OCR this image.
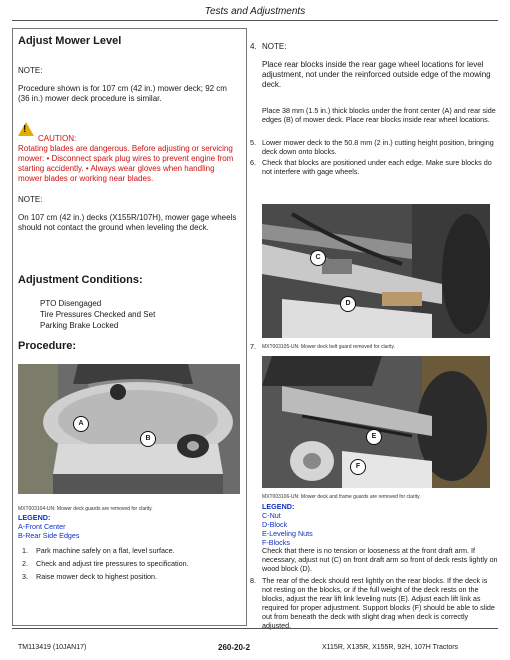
Tests and Adjustments
Adjust Mower Level
NOTE:
Procedure shown is for 107 cm (42 in.) mower deck; 92 cm (36 in.) mower deck procedure is similar.
!
CAUTION:
Rotating blades are dangerous. Before adjusting or servicing mower: • Disconnect spark plug wires to prevent engine from starting accidently. • Always wear gloves when handling mower blades or working near blades.
NOTE:
On 107 cm (42 in.) decks (X155R/107H), mower gage wheels should not contact the ground when leveling the deck.
Adjustment Conditions:
PTO Disengaged
Tire Pressures Checked and Set
Parking Brake Locked
Procedure:
A
B
MXT003104-UN: Mower deck guards are removed for clarity.
LEGEND:
A-Front Center
B-Rear Side Edges
1. Park machine safely on a flat, level surface.
2. Check and adjust tire pressures to specification.
3. Raise mower deck to highest position.
4. NOTE:
Place rear blocks inside the rear gage wheel locations for level adjustment, not under the reinforced outside edge of the mowing deck.
Place 38 mm (1.5 in.) thick blocks under the front center (A) and rear side edges (B) of mower deck. Place rear blocks inside rear wheel locations.
5. Lower mower deck to the 50.8 mm (2 in.) cutting height position, bringing deck down onto blocks.
6. Check that blocks are positioned under each edge. Make sure blocks do not interfere with gage wheels.
C
D
7. MXT003105-UN: Mower deck belt guard removed for clarity.
E
F
MXT003106-UN: Mower deck and frame guards are removed for clarity.
LEGEND:
C-Nut
D-Block
E-Leveling Nuts
F-Blocks
Check that there is no tension or looseness at the front draft arm. If necessary, adjust nut (C) on front draft arm so front of deck rests lightly on wood block (D).
8. The rear of the deck should rest lightly on the rear blocks. If the deck is not resting on the blocks, or if the full weight of the deck rests on the blocks, adjust the rear lift link leveling nuts (E). Adjust each lift link as required for proper adjustment. Support blocks (F) should be able to slide out from beneath the deck with slight drag when deck is correctly adjusted.
TM113419 (10JAN17)	260-20-2	X115R, X135R, X155R, 92H, 107H Tractors
